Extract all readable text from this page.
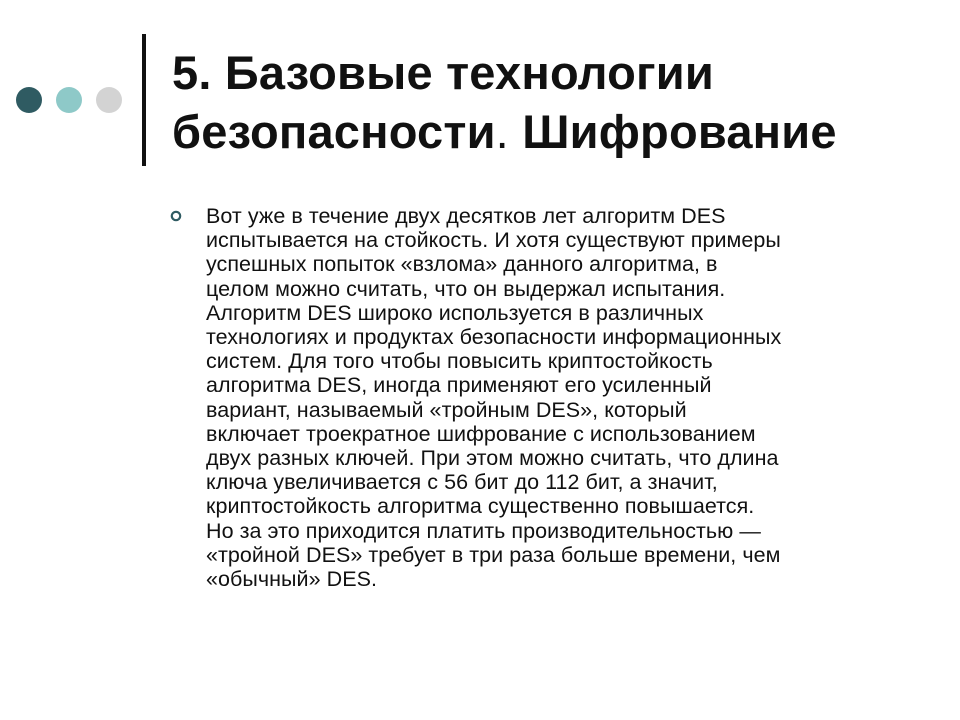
5. Базовые технологии безопасности. Шифрование

Вот уже в течение двух десятков лет алгоритм DES
испытывается на стойкость. И хотя существуют примеры
успешных попыток «взлома» данного алгоритма, в
целом можно считать, что он выдержал испытания.
Алгоритм DES широко используется в различных
технологиях и продуктах безопасности информационных
систем. Для того чтобы повысить криптостойкость
алгоритма DES, иногда применяют его усиленный
вариант, называемый «тройным DES», который
включает троекратное шифрование с использованием
двух разных ключей. При этом можно считать, что длина
ключа увеличивается с 56 бит до 112 бит, а значит,
криптостойкость алгоритма существенно повышается.
Но за это приходится платить производительностью —
«тройной DES» требует в три раза больше времени, чем
«обычный» DES.
